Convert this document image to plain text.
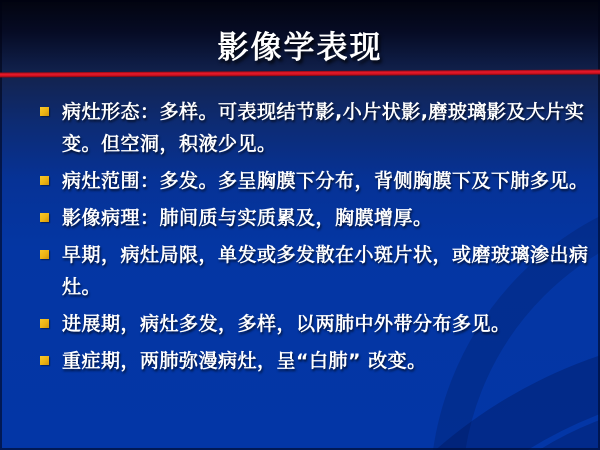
影像学表现
病灶形态：多样。可表现结节影,小片状影,磨玻璃影及大片实
变。但空洞，积液少见。
病灶范围：多发。多呈胸膜下分布，背侧胸膜下及下肺多见。
影像病理：肺间质与实质累及，胸膜增厚。
早期，病灶局限，单发或多发散在小斑片状，或磨玻璃渗出病
灶。
进展期，病灶多发，多样，以两肺中外带分布多见。
重症期，两肺弥漫病灶，呈“白肺” 改变。
